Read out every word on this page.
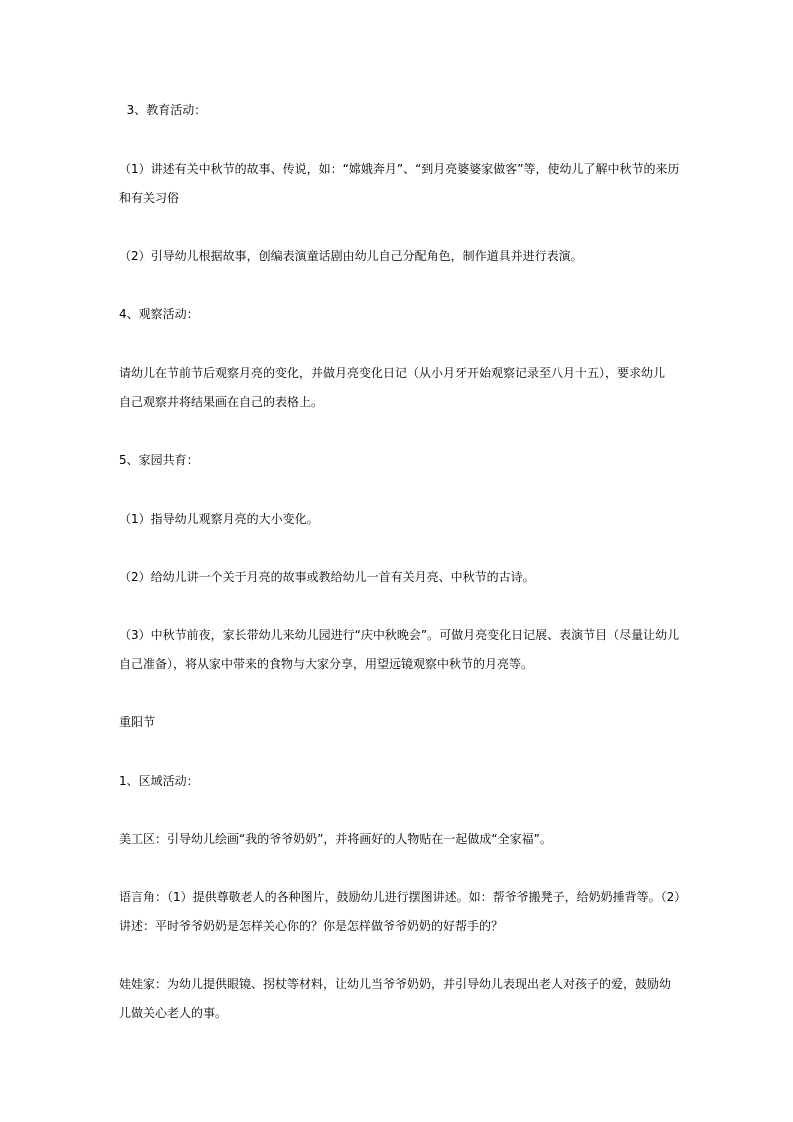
3、教育活动：
（1）讲述有关中秋节的故事、传说，如：“嫦娥奔月”、“到月亮婆婆家做客”等，使幼儿了解中秋节的来历
和有关习俗
（2）引导幼儿根据故事，创编表演童话剧由幼儿自己分配角色，制作道具并进行表演。
4、观察活动：
请幼儿在节前节后观察月亮的变化，并做月亮变化日记（从小月牙开始观察记录至八月十五），要求幼儿
自己观察并将结果画在自己的表格上。
5、家园共育：
（1）指导幼儿观察月亮的大小变化。
（2）给幼儿讲一个关于月亮的故事或教给幼儿一首有关月亮、中秋节的古诗。
（3）中秋节前夜，家长带幼儿来幼儿园进行“庆中秋晚会”。可做月亮变化日记展、表演节目（尽量让幼儿
自己准备），将从家中带来的食物与大家分享，用望远镜观察中秋节的月亮等。
重阳节
1、区域活动：
美工区：引导幼儿绘画“我的爷爷奶奶”，并将画好的人物贴在一起做成“全家福”。
语言角：（1）提供尊敬老人的各种图片，鼓励幼儿进行摆图讲述。如：帮爷爷搬凳子，给奶奶捶背等。（2）
讲述：平时爷爷奶奶是怎样关心你的？你是怎样做爷爷奶奶的好帮手的？
娃娃家：为幼儿提供眼镜、拐杖等材料，让幼儿当爷爷奶奶，并引导幼儿表现出老人对孩子的爱，鼓励幼
儿做关心老人的事。
